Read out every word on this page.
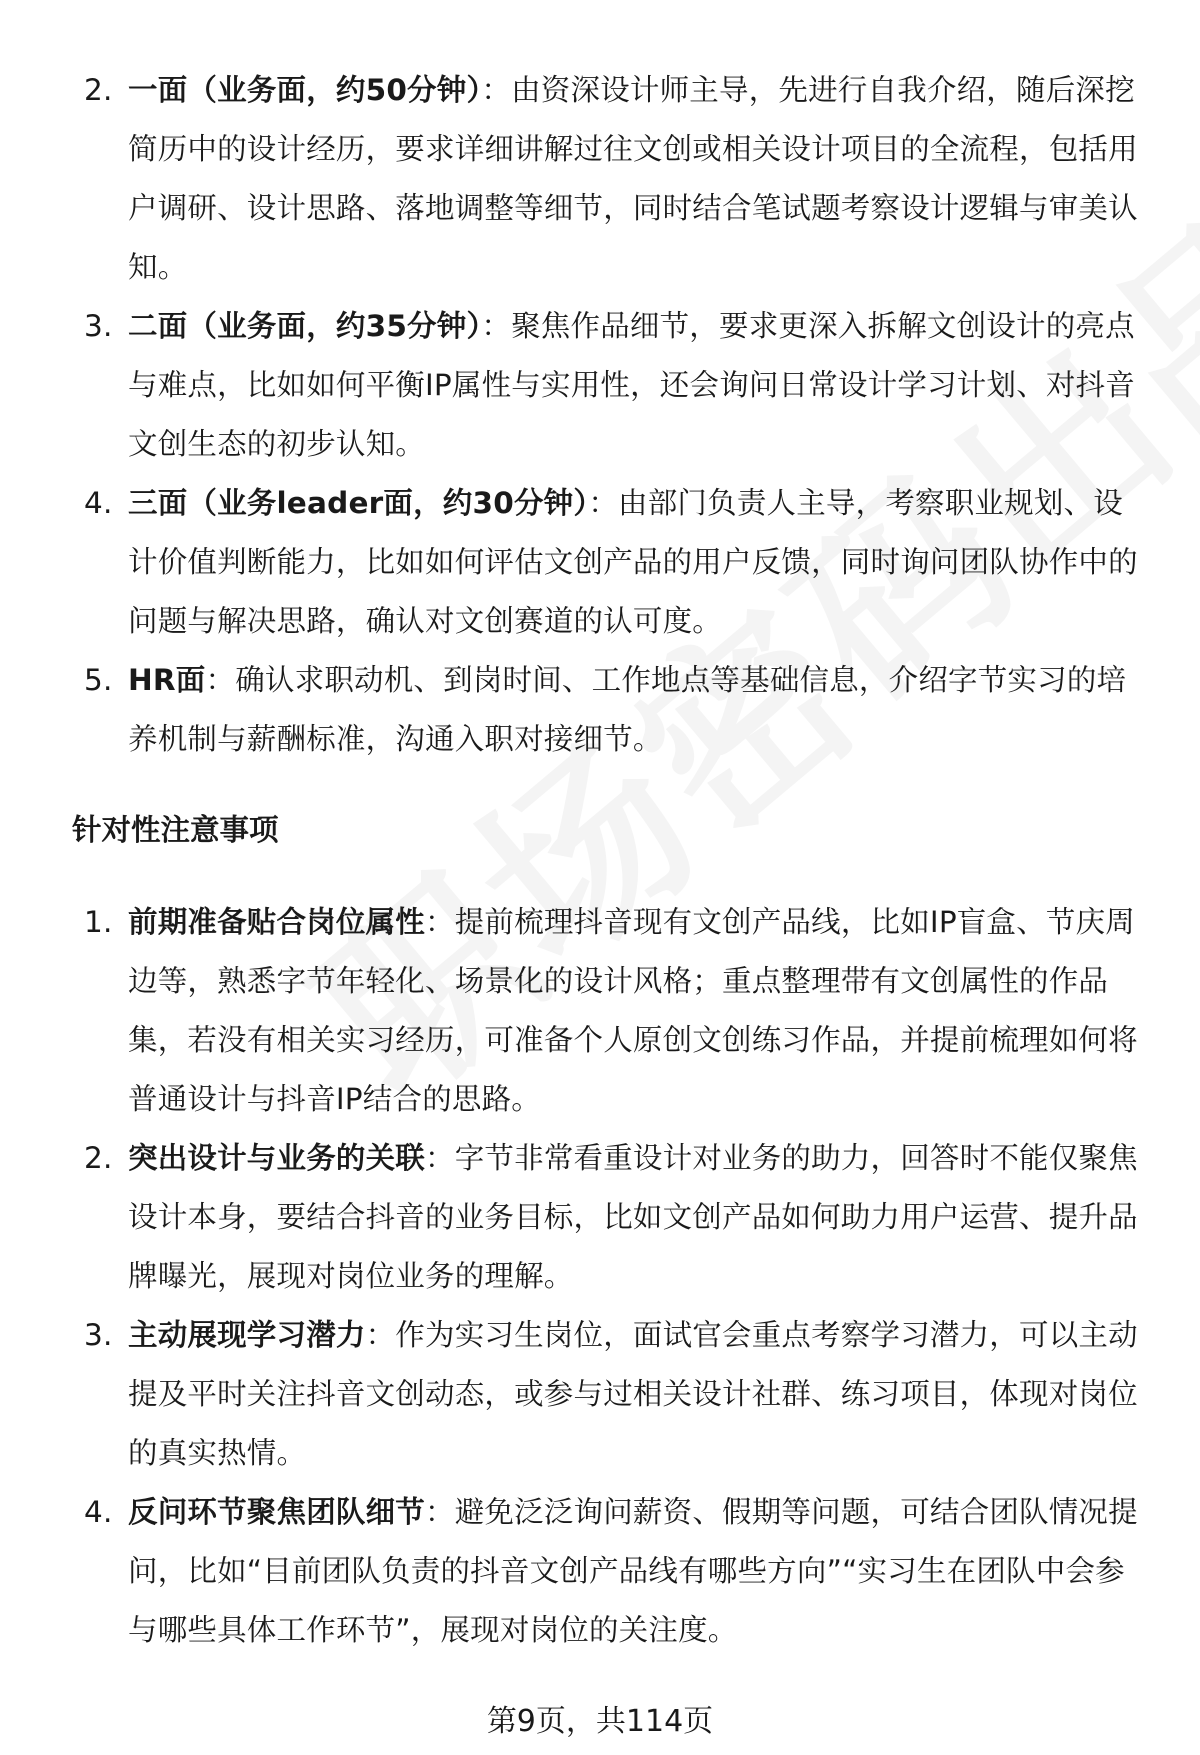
2. 一面（业务面，约50分钟）：由资深设计师主导，先进行自我介绍，随后深挖简历中的设计经历，要求详细讲解过往文创或相关设计项目的全流程，包括用户调研、设计思路、落地调整等细节，同时结合笔试题考察设计逻辑与审美认知。
3. 二面（业务面，约35分钟）：聚焦作品细节，要求更深入拆解文创设计的亮点与难点，比如如何平衡IP属性与实用性，还会询问日常设计学习计划、对抖音文创生态的初步认知。
4. 三面（业务leader面，约30分钟）：由部门负责人主导，考察职业规划、设计价值判断能力，比如如何评估文创产品的用户反馈，同时询问团队协作中的问题与解决思路，确认对文创赛道的认可度。
5. HR面：确认求职动机、到岗时间、工作地点等基础信息，介绍字节实习的培养机制与薪酬标准，沟通入职对接细节。
针对性注意事项
1. 前期准备贴合岗位属性：提前梳理抖音现有文创产品线，比如IP盲盒、节庆周边等，熟悉字节年轻化、场景化的设计风格；重点整理带有文创属性的作品集，若没有相关实习经历，可准备个人原创文创练习作品，并提前梳理如何将普通设计与抖音IP结合的思路。
2. 突出设计与业务的关联：字节非常看重设计对业务的助力，回答时不能仅聚焦设计本身，要结合抖音的业务目标，比如文创产品如何助力用户运营、提升品牌曝光，展现对岗位业务的理解。
3. 主动展现学习潜力：作为实习生岗位，面试官会重点考察学习潜力，可以主动提及平时关注抖音文创动态，或参与过相关设计社群、练习项目，体现对岗位的真实热情。
4. 反问环节聚焦团队细节：避免泛泛询问薪资、假期等问题，可结合团队情况提问，比如“目前团队负责的抖音文创产品线有哪些方向”“实习生在团队中会参与哪些具体工作环节”，展现对岗位的关注度。
第9页，共114页
